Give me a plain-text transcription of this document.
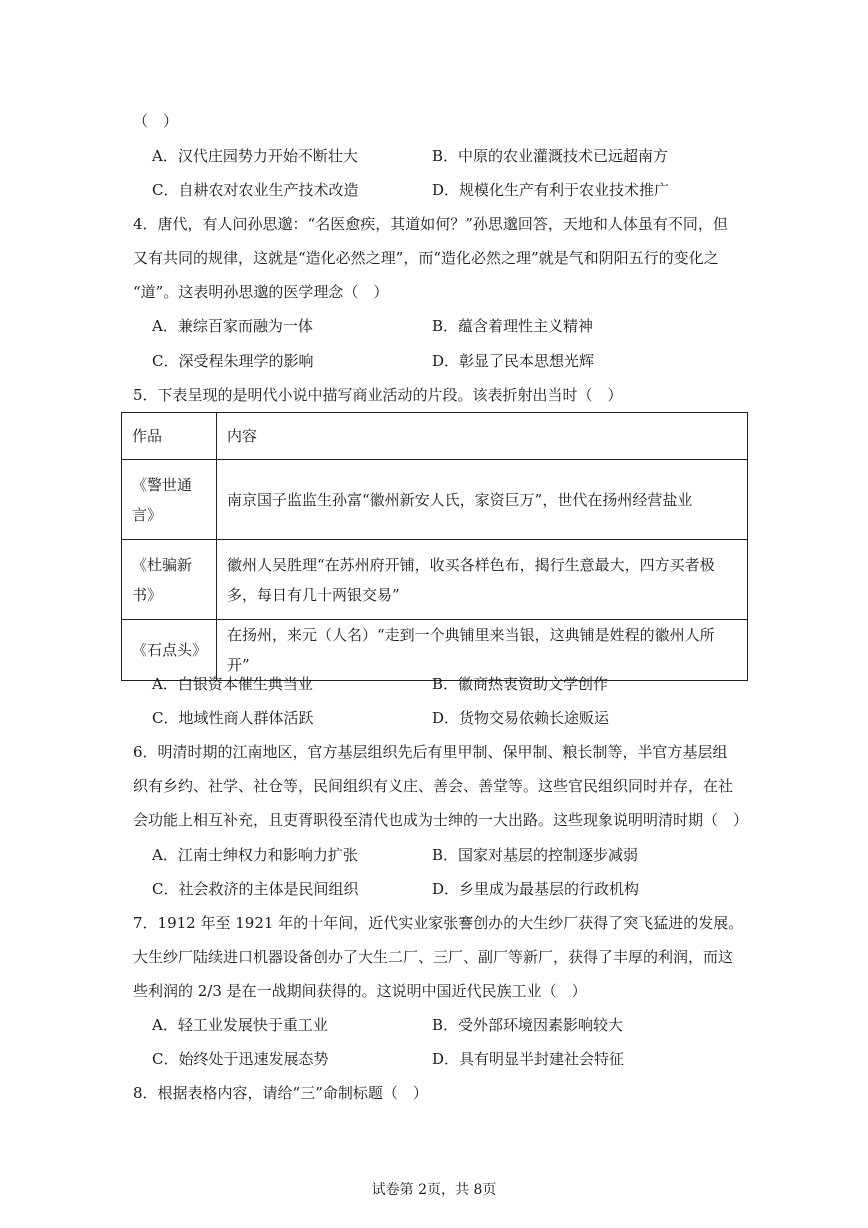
（　）
A．汉代庄园势力开始不断壮大	B．中原的农业灌溉技术已远超南方
C．自耕农对农业生产技术改造	D．规模化生产有利于农业技术推广
4．唐代，有人问孙思邈：“名医愈疾，其道如何？”孙思邈回答，天地和人体虽有不同，但
又有共同的规律，这就是“造化必然之理”，而“造化必然之理”就是气和阴阳五行的变化之
“道”。这表明孙思邈的医学理念（　）
A．兼综百家而融为一体	B．蕴含着理性主义精神
C．深受程朱理学的影响	D．彰显了民本思想光辉
5．下表呈现的是明代小说中描写商业活动的片段。该表折射出当时（　）
作品	内容
《警世通言》	南京国子监监生孙富“徽州新安人氏，家资巨万”，世代在扬州经营盐业
《杜骗新书》	徽州人吴胜理“在苏州府开铺，收买各样色布，揭行生意最大，四方买者极多，每日有几十两银交易”
《石点头》	在扬州，来元（人名）“走到一个典铺里来当银，这典铺是姓程的徽州人所开”
A．白银资本催生典当业	B．徽商热衷资助文学创作
C．地域性商人群体活跃	D．货物交易依赖长途贩运
6．明清时期的江南地区，官方基层组织先后有里甲制、保甲制、粮长制等，半官方基层组
织有乡约、社学、社仓等，民间组织有义庄、善会、善堂等。这些官民组织同时并存，在社
会功能上相互补充，且吏胥职役至清代也成为士绅的一大出路。这些现象说明明清时期（　）
A．江南士绅权力和影响力扩张	B．国家对基层的控制逐步减弱
C．社会救济的主体是民间组织	D．乡里成为最基层的行政机构
7．1912 年至 1921 年的十年间，近代实业家张謇创办的大生纱厂获得了突飞猛进的发展。
大生纱厂陆续进口机器设备创办了大生二厂、三厂、副厂等新厂，获得了丰厚的利润，而这
些利润的 2/3 是在一战期间获得的。这说明中国近代民族工业（　）
A．轻工业发展快于重工业	B．受外部环境因素影响较大
C．始终处于迅速发展态势	D．具有明显半封建社会特征
8．根据表格内容，请给“三”命制标题（　）
试卷第 2页，共 8页
